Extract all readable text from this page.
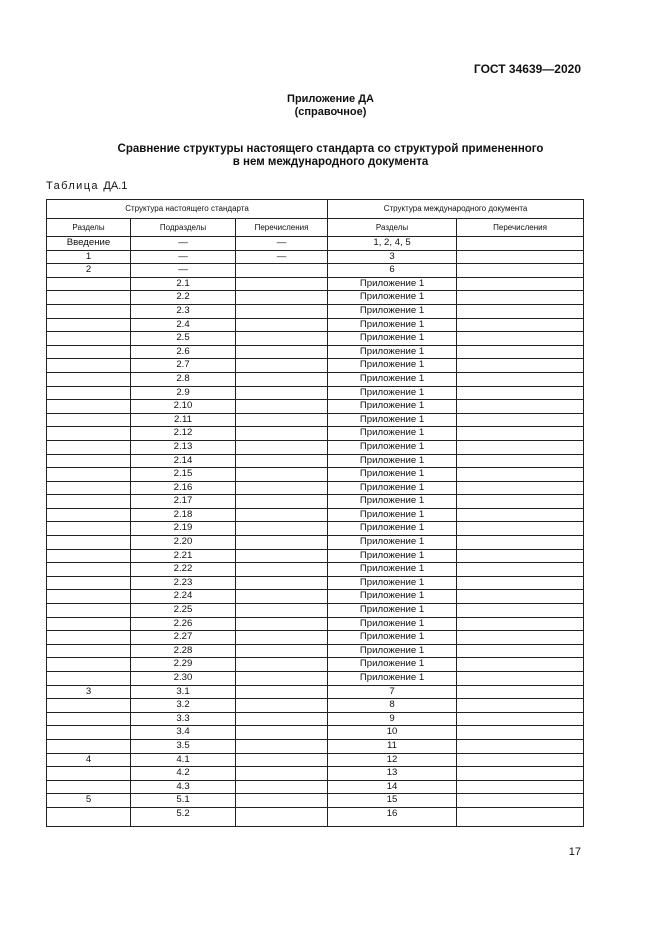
ГОСТ 34639—2020
Приложение ДА
(справочное)
Сравнение структуры настоящего стандарта со структурой примененного
в нем международного документа
Таблица ДА.1
Структура настоящего стандарта			Структура международного документа	
Разделы	Подразделы	Перечисления	Разделы	Перечисления
Введение	—	—	1, 2, 4, 5	
1	—	—	3	
2	—		6	
	2.1		Приложение 1	
	2.2		Приложение 1	
	2.3		Приложение 1	
	2.4		Приложение 1	
	2.5		Приложение 1	
	2.6		Приложение 1	
	2.7		Приложение 1	
	2.8		Приложение 1	
	2.9		Приложение 1	
	2.10		Приложение 1	
	2.11		Приложение 1	
	2.12		Приложение 1	
	2.13		Приложение 1	
	2.14		Приложение 1	
	2.15		Приложение 1	
	2.16		Приложение 1	
	2.17		Приложение 1	
	2.18		Приложение 1	
	2.19		Приложение 1	
	2.20		Приложение 1	
	2.21		Приложение 1	
	2.22		Приложение 1	
	2.23		Приложение 1	
	2.24		Приложение 1	
	2.25		Приложение 1	
	2.26		Приложение 1	
	2.27		Приложение 1	
	2.28		Приложение 1	
	2.29		Приложение 1	
	2.30		Приложение 1	
3	3.1		7	
	3.2		8	
	3.3		9	
	3.4		10	
	3.5		11	
4	4.1		12	
	4.2		13	
	4.3		14	
5	5.1		15	
	5.2		16	
17
